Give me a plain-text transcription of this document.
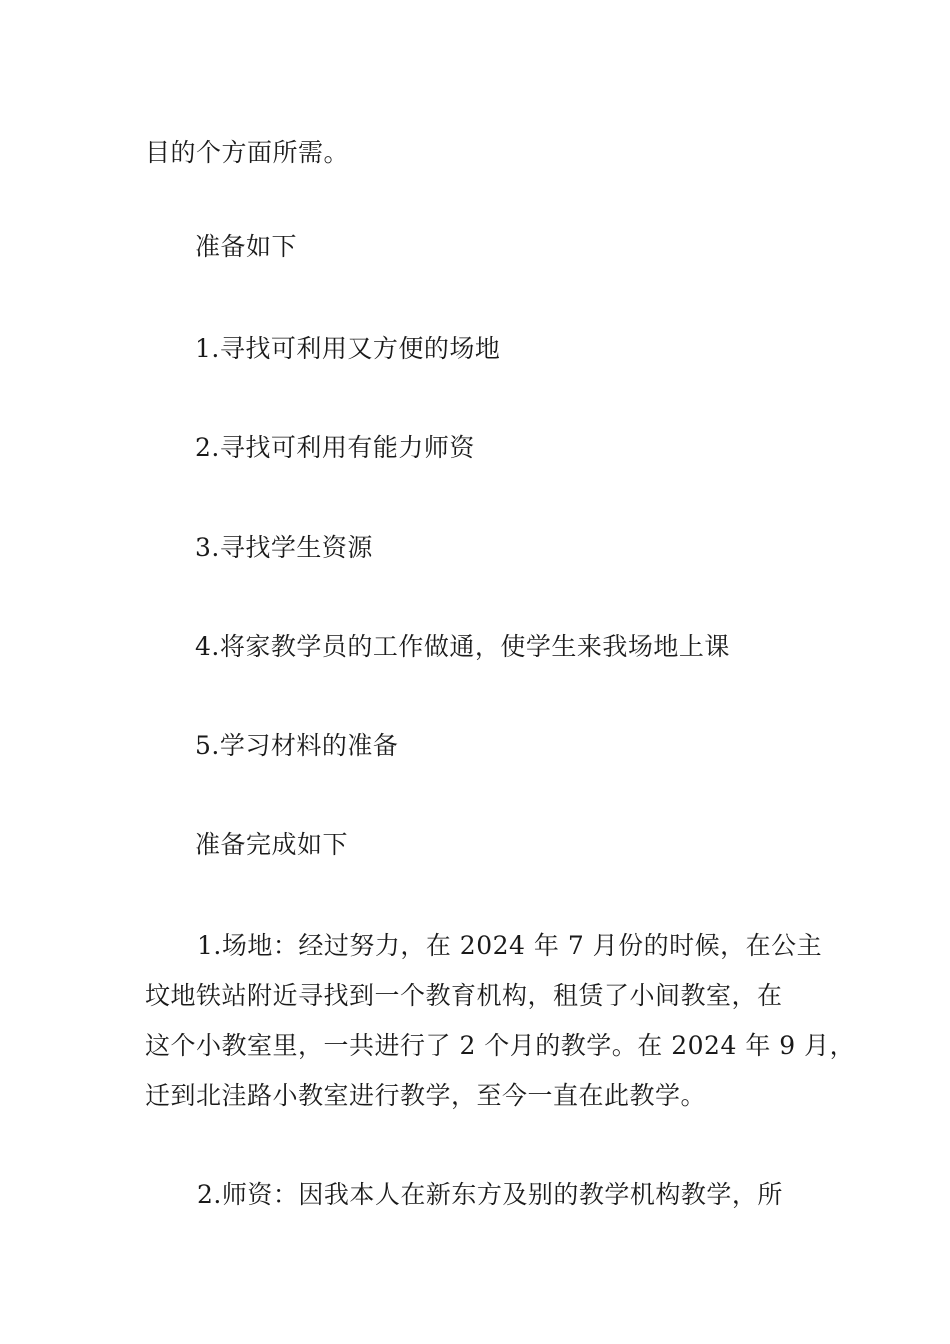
目的个方面所需。
准备如下
1.寻找可利用又方便的场地
2.寻找可利用有能力师资
3.寻找学生资源
4.将家教学员的工作做通，使学生来我场地上课
5.学习材料的准备
准备完成如下
1.场地：经过努力，在 2024 年 7 月份的时候，在公主
坟地铁站附近寻找到一个教育机构，租赁了小间教室，在
这个小教室里，一共进行了 2 个月的教学。在 2024 年 9 月，
迁到北洼路小教室进行教学，至今一直在此教学。
2.师资：因我本人在新东方及别的教学机构教学，所
